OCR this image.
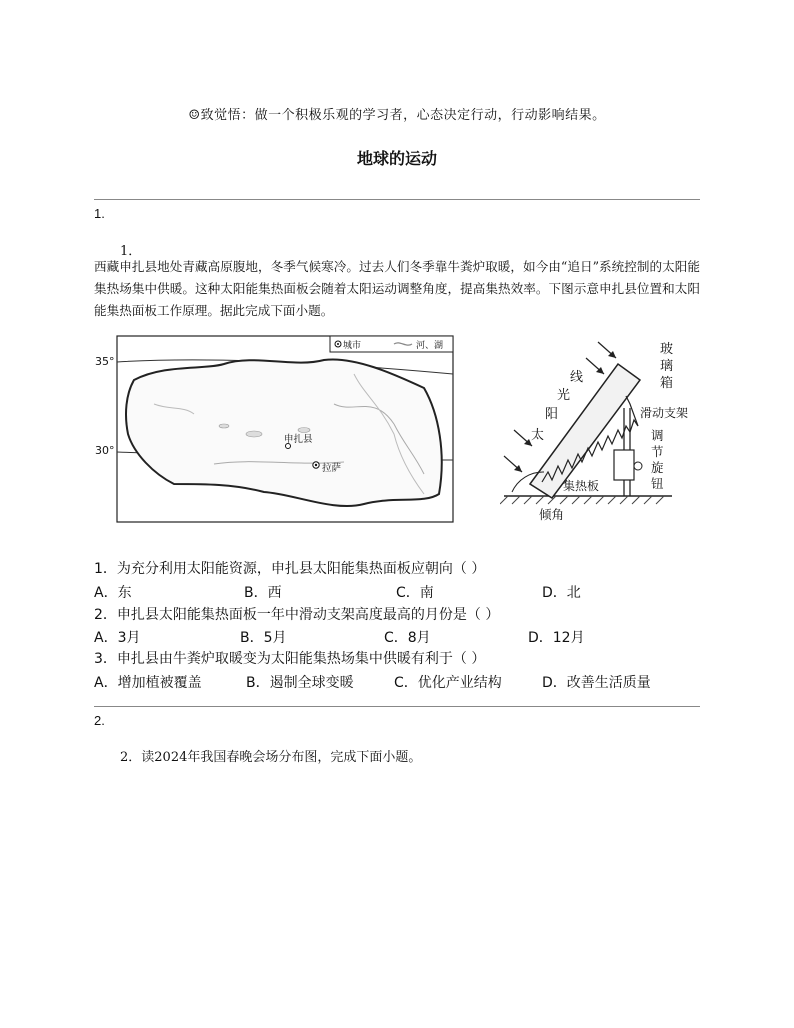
☺致觉悟：做一个积极乐观的学习者，心态决定行动，行动影响结果。
地球的运动
1.
1．
西藏申扎县地处青藏高原腹地，冬季气候寒冷。过去人们冬季靠牛粪炉取暖，如今由“追日”系统控制的太阳能集热场集中供暖。这种太阳能集热面板会随着太阳运动调整角度，提高集热效率。下图示意申扎县位置和太阳能集热面板工作原理。据此完成下面小题。
35°
30°
城市	河、湖
申扎县
拉萨
玻璃箱
太
阳
光
线
滑动支架
调节旋钮
集热板
倾角
1．为充分利用太阳能资源，申扎县太阳能集热面板应朝向（ ）
A．东	B．西	C．南	D．北
2．申扎县太阳能集热面板一年中滑动支架高度最高的月份是（ ）
A．3月	B．5月	C．8月	D．12月
3．申扎县由牛粪炉取暖变为太阳能集热场集中供暖有利于（ ）
A．增加植被覆盖	B．遏制全球变暖	C．优化产业结构	D．改善生活质量
2.
2．读2024年我国春晚会场分布图，完成下面小题。
